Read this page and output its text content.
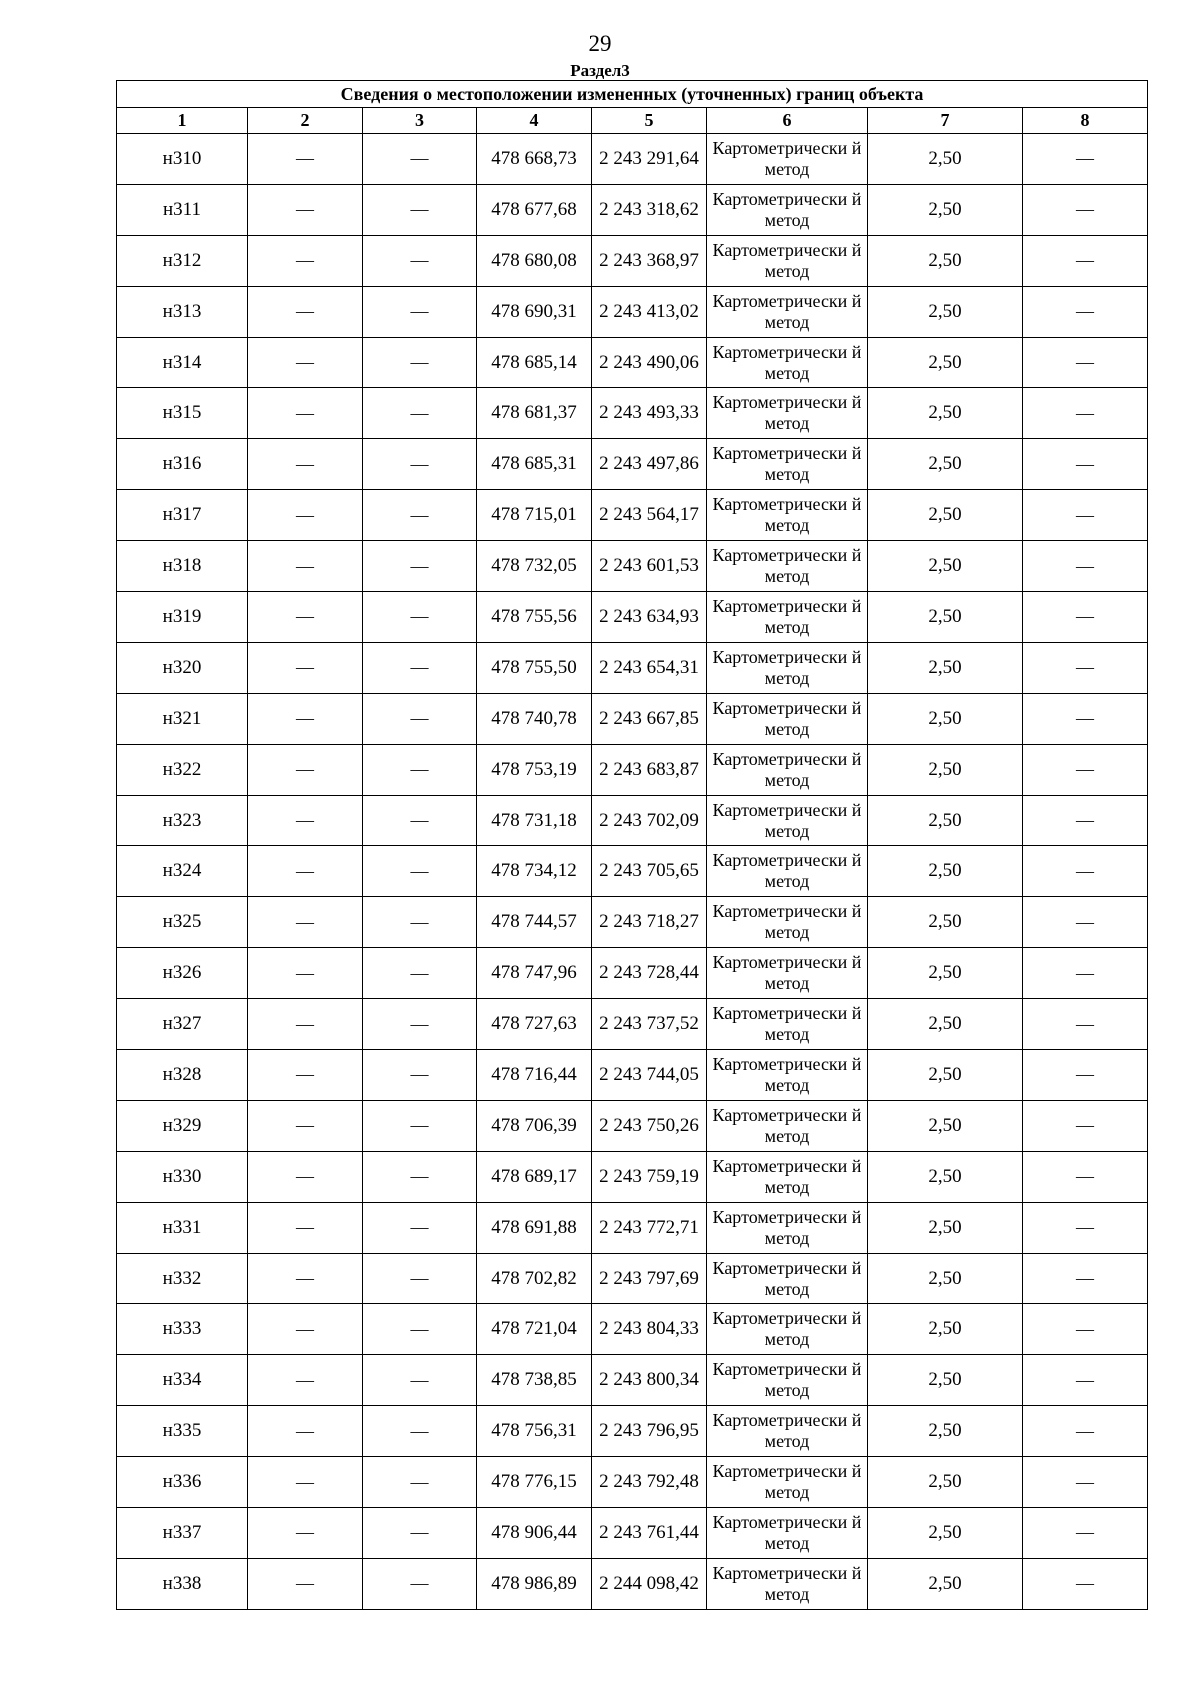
29
Раздел3
Сведения о местоположении измененных (уточненных) границ объекта							
1	2	3	4	5	6	7	8
н310	—	—	478 668,73	2 243 291,64	Картометрически й метод	2,50	—
н311	—	—	478 677,68	2 243 318,62	Картометрически й метод	2,50	—
н312	—	—	478 680,08	2 243 368,97	Картометрически й метод	2,50	—
н313	—	—	478 690,31	2 243 413,02	Картометрически й метод	2,50	—
н314	—	—	478 685,14	2 243 490,06	Картометрически й метод	2,50	—
н315	—	—	478 681,37	2 243 493,33	Картометрически й метод	2,50	—
н316	—	—	478 685,31	2 243 497,86	Картометрически й метод	2,50	—
н317	—	—	478 715,01	2 243 564,17	Картометрически й метод	2,50	—
н318	—	—	478 732,05	2 243 601,53	Картометрически й метод	2,50	—
н319	—	—	478 755,56	2 243 634,93	Картометрически й метод	2,50	—
н320	—	—	478 755,50	2 243 654,31	Картометрически й метод	2,50	—
н321	—	—	478 740,78	2 243 667,85	Картометрически й метод	2,50	—
н322	—	—	478 753,19	2 243 683,87	Картометрически й метод	2,50	—
н323	—	—	478 731,18	2 243 702,09	Картометрически й метод	2,50	—
н324	—	—	478 734,12	2 243 705,65	Картометрически й метод	2,50	—
н325	—	—	478 744,57	2 243 718,27	Картометрически й метод	2,50	—
н326	—	—	478 747,96	2 243 728,44	Картометрически й метод	2,50	—
н327	—	—	478 727,63	2 243 737,52	Картометрически й метод	2,50	—
н328	—	—	478 716,44	2 243 744,05	Картометрически й метод	2,50	—
н329	—	—	478 706,39	2 243 750,26	Картометрически й метод	2,50	—
н330	—	—	478 689,17	2 243 759,19	Картометрически й метод	2,50	—
н331	—	—	478 691,88	2 243 772,71	Картометрически й метод	2,50	—
н332	—	—	478 702,82	2 243 797,69	Картометрически й метод	2,50	—
н333	—	—	478 721,04	2 243 804,33	Картометрически й метод	2,50	—
н334	—	—	478 738,85	2 243 800,34	Картометрически й метод	2,50	—
н335	—	—	478 756,31	2 243 796,95	Картометрически й метод	2,50	—
н336	—	—	478 776,15	2 243 792,48	Картометрически й метод	2,50	—
н337	—	—	478 906,44	2 243 761,44	Картометрически й метод	2,50	—
н338	—	—	478 986,89	2 244 098,42	Картометрически й метод	2,50	—
